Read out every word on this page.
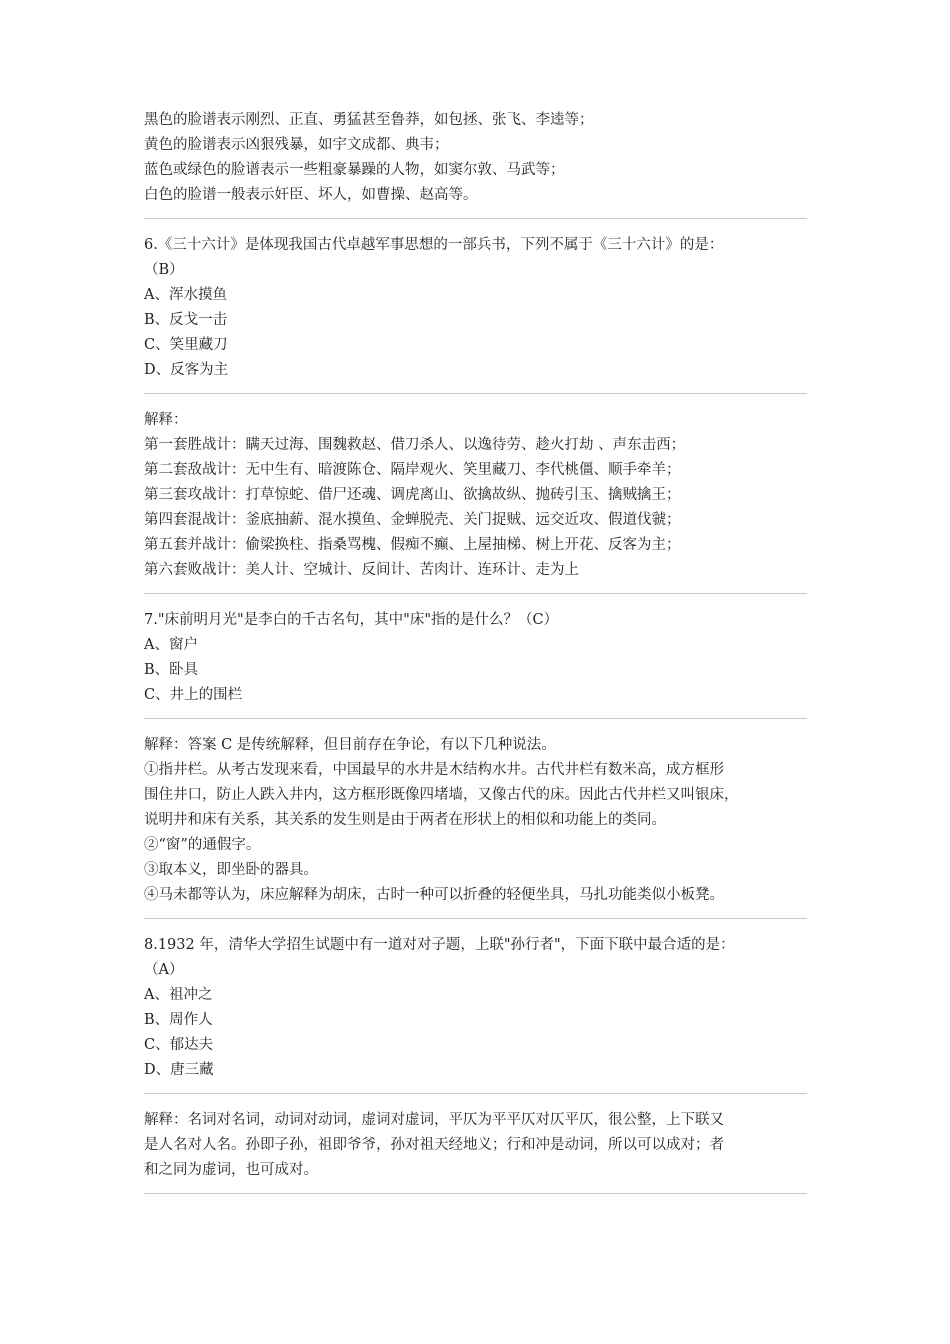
黑色的脸谱表示刚烈、正直、勇猛甚至鲁莽，如包拯、张飞、李逵等；
黄色的脸谱表示凶狠残暴，如宇文成都、典韦；
蓝色或绿色的脸谱表示一些粗豪暴躁的人物，如窦尔敦、马武等；
白色的脸谱一般表示奸臣、坏人，如曹操、赵高等。
6.《三十六计》是体现我国古代卓越军事思想的一部兵书，下列不属于《三十六计》的是：
（B）
A、浑水摸鱼
B、反戈一击
C、笑里藏刀
D、反客为主
解释：
第一套胜战计：瞒天过海、围魏救赵、借刀杀人、以逸待劳、趁火打劫 、声东击西；
第二套敌战计：无中生有、暗渡陈仓、隔岸观火、笑里藏刀、李代桃僵、顺手牵羊；
第三套攻战计：打草惊蛇、借尸还魂、调虎离山、欲擒故纵、抛砖引玉、擒贼擒王；
第四套混战计：釜底抽薪、混水摸鱼、金蝉脱壳、关门捉贼、远交近攻、假道伐虢；
第五套并战计：偷梁换柱、指桑骂槐、假痴不癫、上屋抽梯、树上开花、反客为主；
第六套败战计：美人计、空城计、反间计、苦肉计、连环计、走为上
7."床前明月光"是李白的千古名句，其中"床"指的是什么？（C）
A、窗户
B、卧具
C、井上的围栏
解释：答案 C 是传统解释，但目前存在争论，有以下几种说法。
①指井栏。从考古发现来看，中国最早的水井是木结构水井。古代井栏有数米高，成方框形
围住井口，防止人跌入井内，这方框形既像四堵墙，又像古代的床。因此古代井栏又叫银床，
说明井和床有关系，其关系的发生则是由于两者在形状上的相似和功能上的类同。
②“窗”的通假字。
③取本义，即坐卧的器具。
④马未都等认为，床应解释为胡床，古时一种可以折叠的轻便坐具，马扎功能类似小板凳。
8.1932 年，清华大学招生试题中有一道对对子题，上联"孙行者"，下面下联中最合适的是：
（A）
A、祖冲之
B、周作人
C、郁达夫
D、唐三藏
解释：名词对名词，动词对动词，虚词对虚词，平仄为平平仄对仄平仄，很公整，上下联又
是人名对人名。孙即子孙，祖即爷爷，孙对祖天经地义；行和冲是动词，所以可以成对；者
和之同为虚词，也可成对。
